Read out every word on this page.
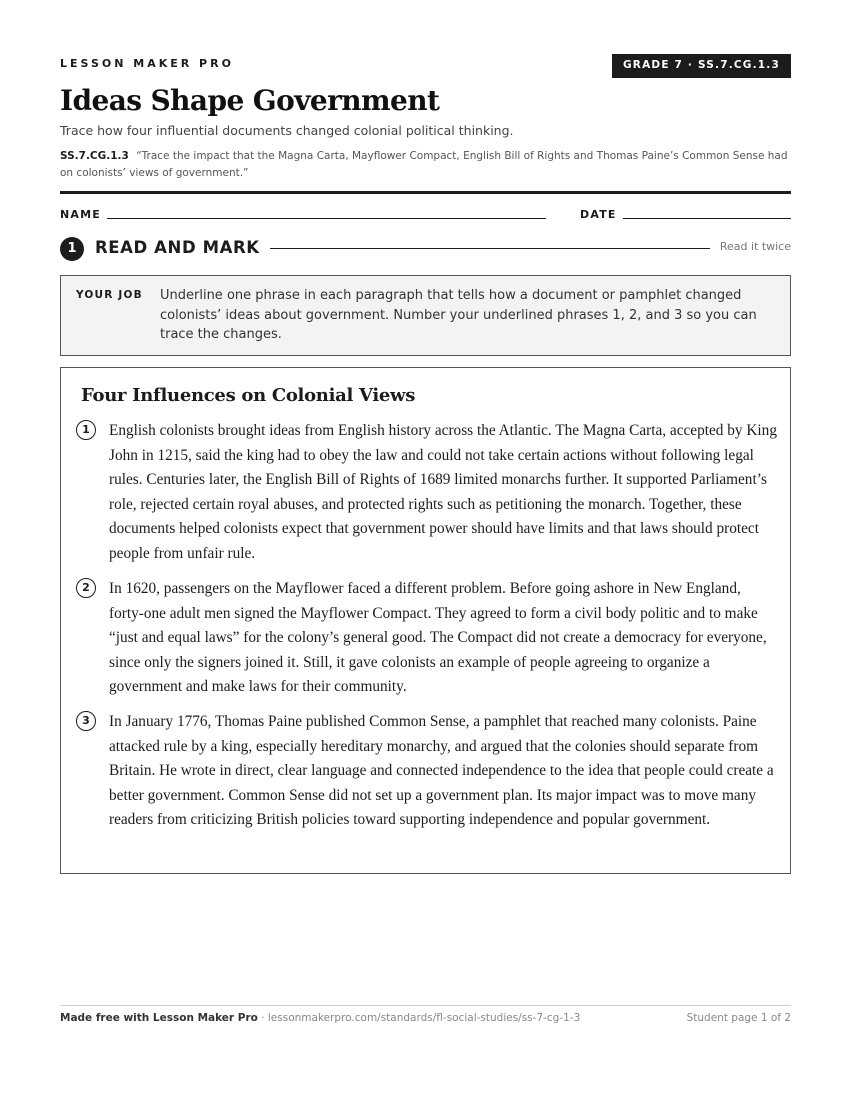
LESSON MAKER PRO	GRADE 7 · SS.7.CG.1.3
Ideas Shape Government
Trace how four influential documents changed colonial political thinking.
SS.7.CG.1.3 “Trace the impact that the Magna Carta, Mayflower Compact, English Bill of Rights and Thomas Paine’s Common Sense had on colonists’ views of government.”
NAME	DATE
1	READ AND MARK	Read it twice
YOUR JOB Underline one phrase in each paragraph that tells how a document or pamphlet changed colonists’ ideas about government. Number your underlined phrases 1, 2, and 3 so you can trace the changes.
Four Influences on Colonial Views
1	English colonists brought ideas from English history across the Atlantic. The Magna Carta, accepted by King John in 1215, said the king had to obey the law and could not take certain actions without following legal rules. Centuries later, the English Bill of Rights of 1689 limited monarchs further. It supported Parliament’s role, rejected certain royal abuses, and protected rights such as petitioning the monarch. Together, these documents helped colonists expect that government power should have limits and that laws should protect people from unfair rule.

2	In 1620, passengers on the Mayflower faced a different problem. Before going ashore in New England, forty-one adult men signed the Mayflower Compact. They agreed to form a civil body politic and to make “just and equal laws” for the colony’s general good. The Compact did not create a democracy for everyone, since only the signers joined it. Still, it gave colonists an example of people agreeing to organize a government and make laws for their community.

3	In January 1776, Thomas Paine published Common Sense, a pamphlet that reached many colonists. Paine attacked rule by a king, especially hereditary monarchy, and argued that the colonies should separate from Britain. He wrote in direct, clear language and connected independence to the idea that people could create a better government. Common Sense did not set up a government plan. Its major impact was to move many readers from criticizing British policies toward supporting independence and popular government.

Made free with Lesson Maker Pro · lessonmakerpro.com/standards/fl-social-studies/ss-7-cg-1-3	Student page 1 of 2
